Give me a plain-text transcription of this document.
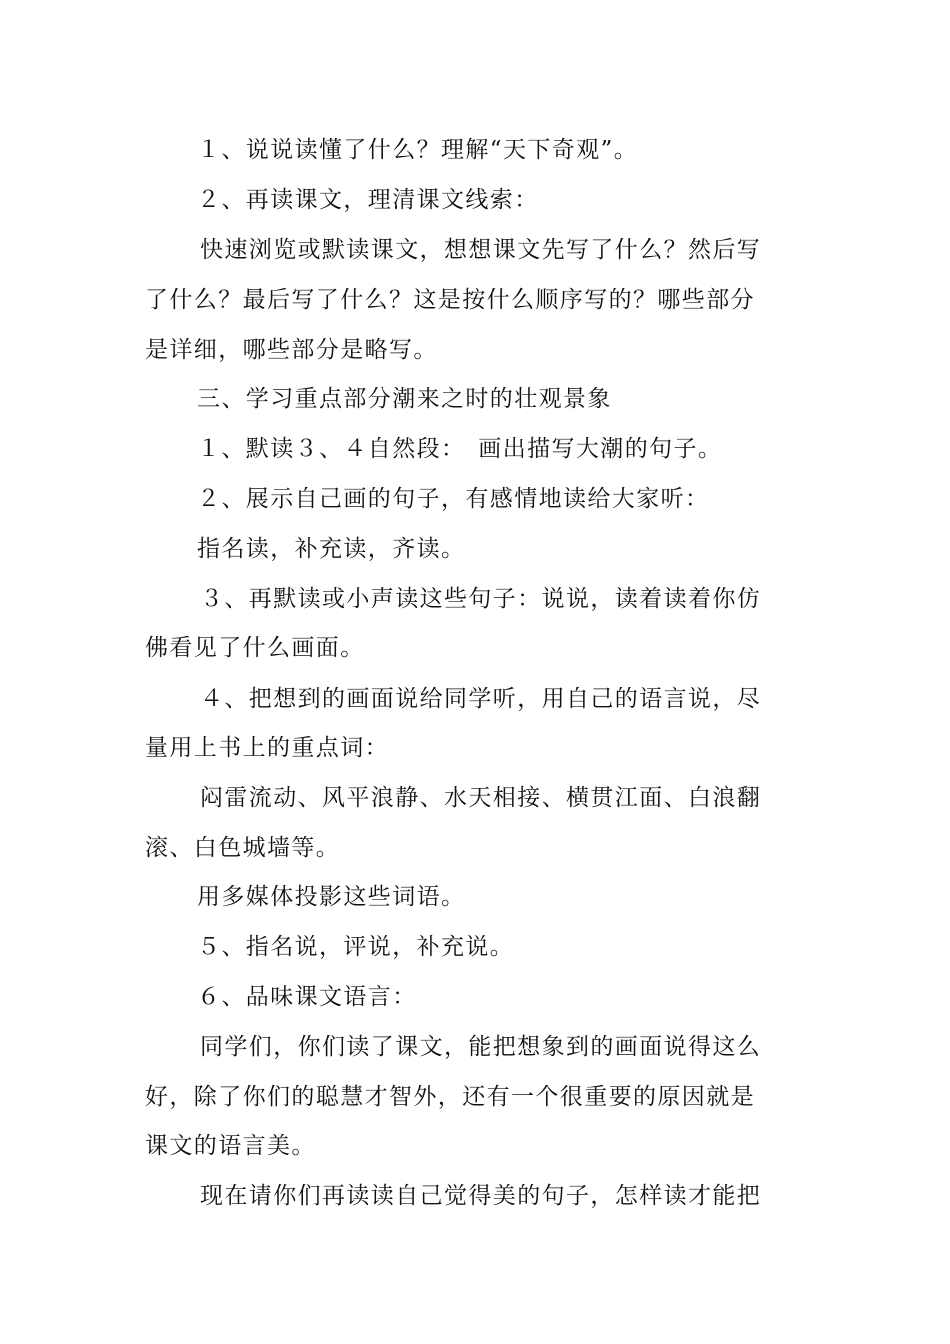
１、说说读懂了什么？理解“天下奇观”。
２、再读课文，理清课文线索：
快速浏览或默读课文，想想课文先写了什么？然后写
了什么？最后写了什么？这是按什么顺序写的？哪些部分
是详细，哪些部分是略写。
三、学习重点部分潮来之时的壮观景象
１、默读３、４自然段：　画出描写大潮的句子。
２、展示自己画的句子，有感情地读给大家听：
指名读，补充读，齐读。
３、再默读或小声读这些句子：说说，读着读着你仿
佛看见了什么画面。
４、把想到的画面说给同学听，用自己的语言说，尽
量用上书上的重点词：
闷雷流动、风平浪静、水天相接、横贯江面、白浪翻
滚、白色城墙等。
用多媒体投影这些词语。
５、指名说，评说，补充说。
６、品味课文语言：
同学们，你们读了课文，能把想象到的画面说得这么
好，除了你们的聪慧才智外，还有一个很重要的原因就是
课文的语言美。
现在请你们再读读自己觉得美的句子，怎样读才能把
